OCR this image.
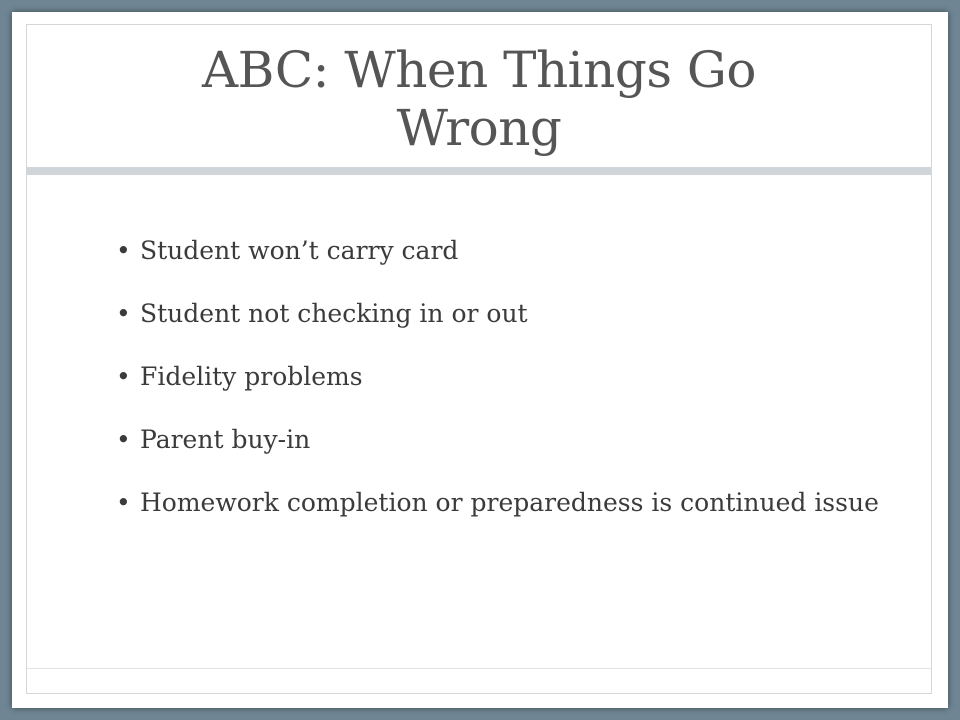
ABC: When Things Go Wrong
• Student won’t carry card
• Student not checking in or out
• Fidelity problems
• Parent buy-in
• Homework completion or preparedness is continued issue
